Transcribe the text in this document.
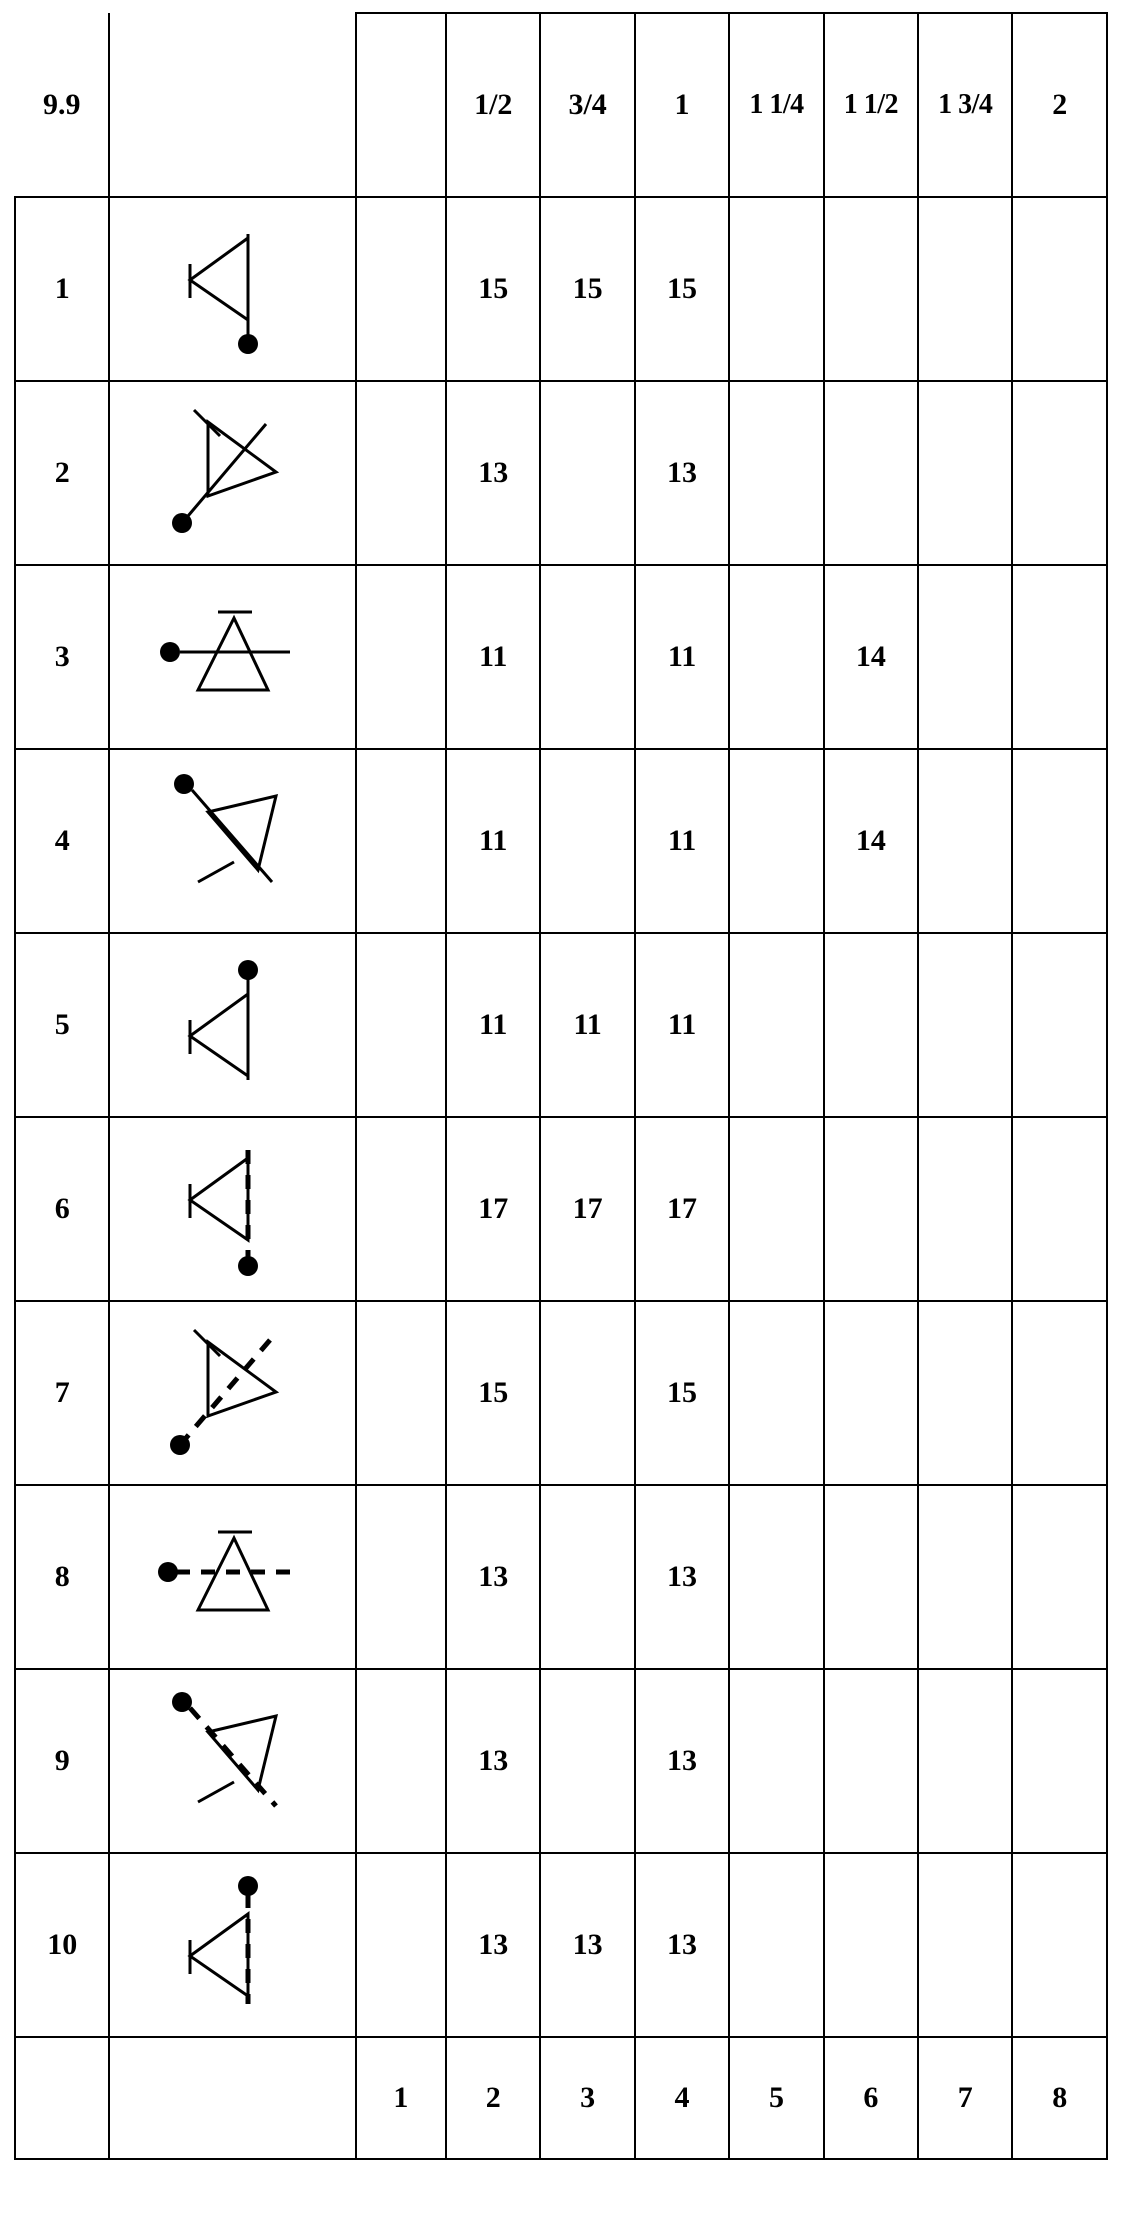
9.9			1/2	3/4	1	1 1/4	1 1/2	1 3/4	2
1			15	15	15				
2			13		13				
3			11		11		14		
4			11		11		14		
5			11	11	11				
6			17	17	17				
7			15		15				
8			13		13				
9			13		13				
10			13	13	13				
		1	2	3	4	5	6	7	8
